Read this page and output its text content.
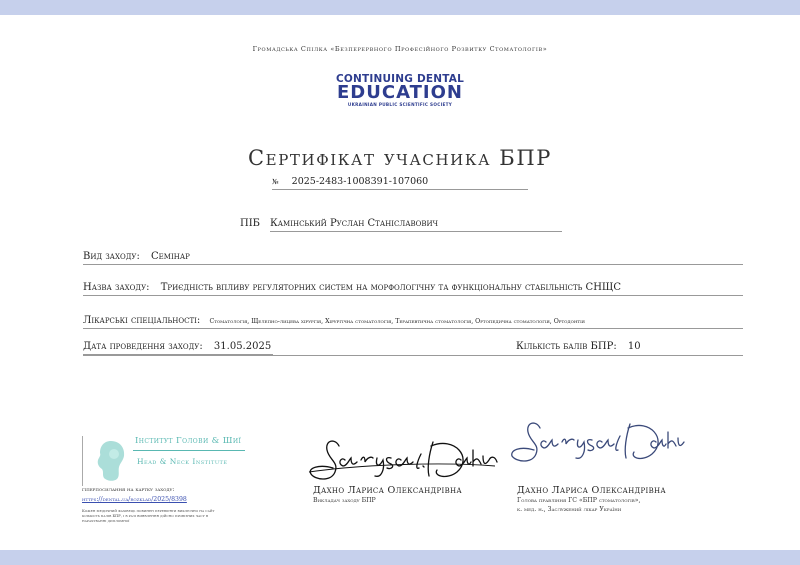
Громадська Спілка «Безперервного Професійного Розвитку Стоматологів»
CONTINUING DENTAL
EDUCATION
UKRAINIAN PUBLIC SCIENTIFIC SOCIETY
Сертифікат учасника БПР
№ 2025-2483-1008391-107060
ПІБ Камінський Руслан Станіславович
Вид заходу: Семінар
Назва заходу: Триєдність впливу регуляторних систем на морфологічну та функціональну стабільність СНЩС
Лікарські спеціальності: Стоматологія, Щелепно-лицева хірургія, Хірургічна стоматологія, Терапевтична стоматологія, Ортопедична стоматологія, Ортодонтія
Дата проведення заходу: 31.05.2025	Кількість балів БПР: 10
Інститут Голови & Шиї
Head & Neck Institute
гіперпосилання на картку заходу:
https://dental.ua/rozklad/2025/8398
Кожен медичний фахівець повинен перевіряти виключно на сайт кількість балів БПР, і в разі виявлення дійсно провізних часу в нарахуванні дипломної
Дахно Лариса Олександрівна
Викладач заходу БПР
Дахно Лариса Олександрівна
Голова правління ГС «БПР стоматологів»,
к. мед. н., Заслужений лікар України
